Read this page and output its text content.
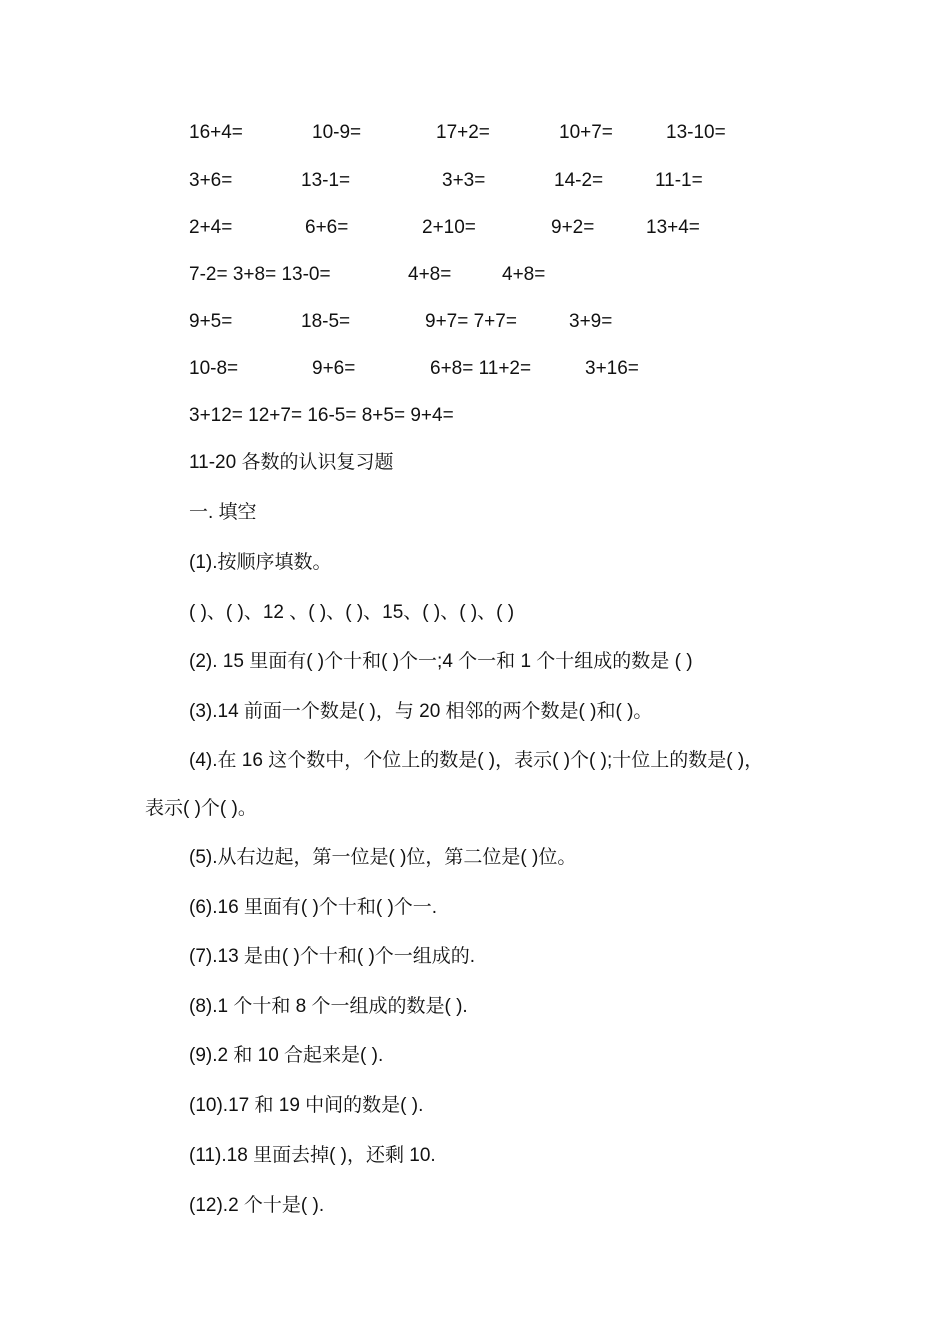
16+4=	10-9=	17+2=	10+7=	13-10=
3+6=	13-1=	3+3=	14-2=	11-1=
2+4=	6+6=	2+10=	9+2=	13+4=
7-2= 3+8= 13-0=	4+8=	4+8=
9+5=	18-5=	9+7= 7+7=	3+9=
10-8=	9+6=	6+8= 11+2=	3+16=
3+12= 12+7= 16-5= 8+5= 9+4=
11-20 各数的认识复习题
一. 填空
(1).按顺序填数。
( )、( )、12 、( )、( )、15、( )、( )、( )
(2). 15 里面有( )个十和( )个一;4 个一和 1 个十组成的数是 ( )
(3).14 前面一个数是( )，与 20 相邻的两个数是( )和( )。
(4).在 16 这个数中，个位上的数是( )，表示( )个( );十位上的数是( )，
表示( )个( )。
(5).从右边起，第一位是( )位，第二位是( )位。
(6).16 里面有( )个十和( )个一.
(7).13 是由( )个十和( )个一组成的.
(8).1 个十和 8 个一组成的数是( ).
(9).2 和 10 合起来是( ).
(10).17 和 19 中间的数是( ).
(11).18 里面去掉( )，还剩 10.
(12).2 个十是( ).
